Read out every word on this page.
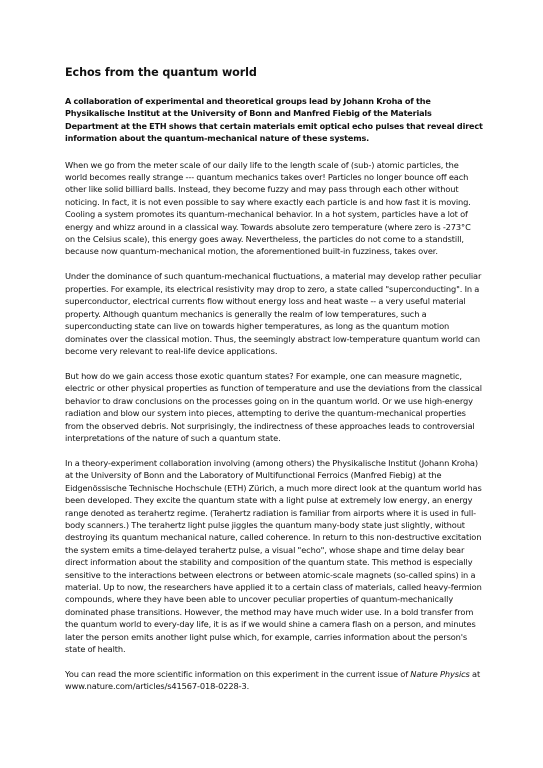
Echos from the quantum world

A collaboration of experimental and theoretical groups lead by Johann Kroha of the Physikalische Institut at the University of Bonn and Manfred Fiebig of the Materials Department at the ETH shows that certain materials emit optical echo pulses that reveal direct information about the quantum-mechanical nature of these systems.

When we go from the meter scale of our daily life to the length scale of (sub-) atomic particles, the world becomes really strange --- quantum mechanics takes over! Particles no longer bounce off each other like solid billiard balls. Instead, they become fuzzy and may pass through each other without noticing. In fact, it is not even possible to say where exactly each particle is and how fast it is moving. Cooling a system promotes its quantum-mechanical behavior. In a hot system, particles have a lot of energy and whizz around in a classical way. Towards absolute zero temperature (where zero is -273°C on the Celsius scale), this energy goes away. Nevertheless, the particles do not come to a standstill, because now quantum-mechanical motion, the aforementioned built-in fuzziness, takes over.

Under the dominance of such quantum-mechanical fluctuations, a material may develop rather peculiar properties. For example, its electrical resistivity may drop to zero, a state called "superconducting". In a superconductor, electrical currents flow without energy loss and heat waste -- a very useful material property. Although quantum mechanics is generally the realm of low temperatures, such a superconducting state can live on towards higher temperatures, as long as the quantum motion dominates over the classical motion. Thus, the seemingly abstract low-temperature quantum world can become very relevant to real-life device applications.

But how do we gain access those exotic quantum states? For example, one can measure magnetic, electric or other physical properties as function of temperature and use the deviations from the classical behavior to draw conclusions on the processes going on in the quantum world. Or we use high-energy radiation and blow our system into pieces, attempting to derive the quantum-mechanical properties from the observed debris. Not surprisingly, the indirectness of these approaches leads to controversial interpretations of the nature of such a quantum state.

In a theory-experiment collaboration involving (among others) the Physikalische Institut (Johann Kroha) at the University of Bonn and the Laboratory of Multifunctional Ferroics (Manfred Fiebig) at the Eidgenössische Technische Hochschule (ETH) Zürich, a much more direct look at the quantum world has been developed. They excite the quantum state with a light pulse at extremely low energy, an energy range denoted as terahertz regime. (Terahertz radiation is familiar from airports where it is used in full-body scanners.) The terahertz light pulse jiggles the quantum many-body state just slightly, without destroying its quantum mechanical nature, called coherence. In return to this non-destructive excitation the system emits a time-delayed terahertz pulse, a visual "echo", whose shape and time delay bear direct information about the stability and composition of the quantum state. This method is especially sensitive to the interactions between electrons or between atomic-scale magnets (so-called spins) in a material. Up to now, the researchers have applied it to a certain class of materials, called heavy-fermion compounds, where they have been able to uncover peculiar properties of quantum-mechanically dominated phase transitions. However, the method may have much wider use. In a bold transfer from the quantum world to every-day life, it is as if we would shine a camera flash on a person, and minutes later the person emits another light pulse which, for example, carries information about the person's state of health.

You can read the more scientific information on this experiment in the current issue of Nature Physics at www.nature.com/articles/s41567-018-0228-3.
